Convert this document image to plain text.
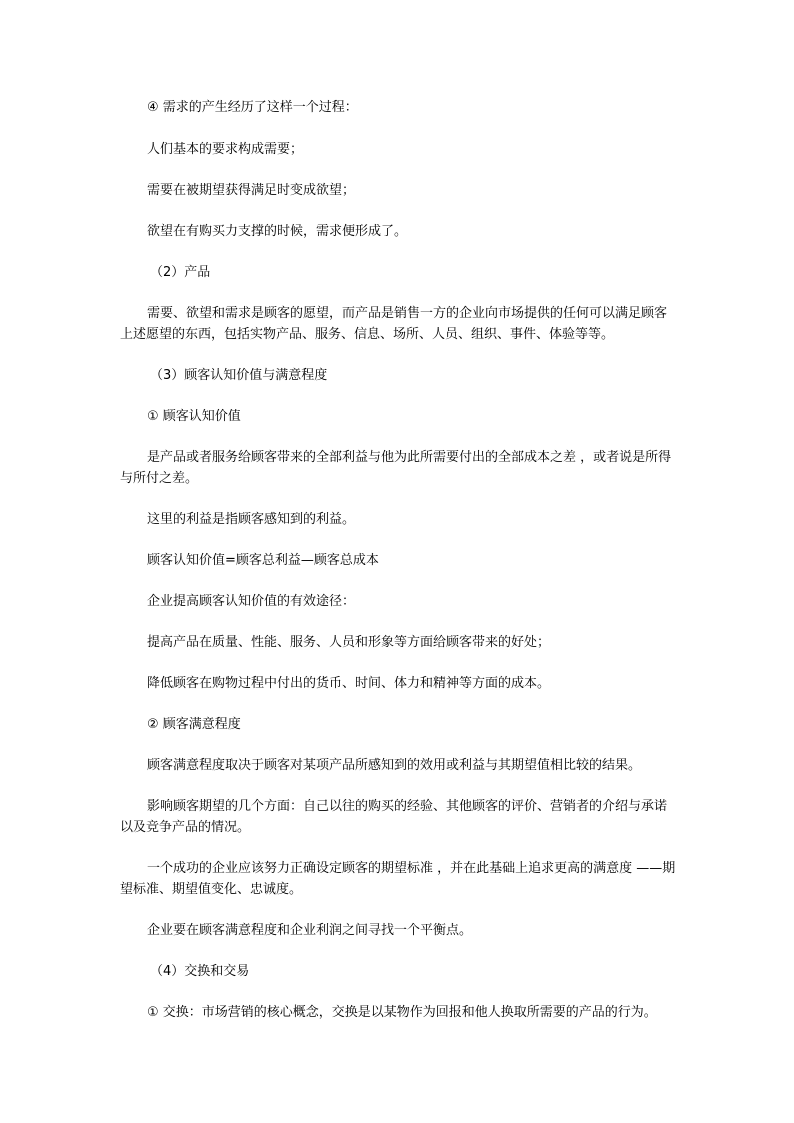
④ 需求的产生经历了这样一个过程：
人们基本的要求构成需要；
需要在被期望获得满足时变成欲望；
欲望在有购买力支撑的时候，需求便形成了。
（2）产品
需要、欲望和需求是顾客的愿望，而产品是销售一方的企业向市场提供的任何可以满足顾客
上述愿望的东西，包括实物产品、服务、信息、场所、人员、组织、事件、体验等等。
（3）顾客认知价值与满意程度
① 顾客认知价值
是产品或者服务给顾客带来的全部利益与他为此所需要付出的全部成本之差 ，或者说是所得
与所付之差。
这里的利益是指顾客感知到的利益。
顾客认知价值=顾客总利益—顾客总成本
企业提高顾客认知价值的有效途径：
提高产品在质量、性能、服务、人员和形象等方面给顾客带来的好处；
降低顾客在购物过程中付出的货币、时间、体力和精神等方面的成本。
② 顾客满意程度
顾客满意程度取决于顾客对某项产品所感知到的效用或利益与其期望值相比较的结果。
影响顾客期望的几个方面：自己以往的购买的经验、其他顾客的评价、营销者的介绍与承诺
以及竞争产品的情况。
一个成功的企业应该努力正确设定顾客的期望标准 ，并在此基础上追求更高的满意度 ——期
望标准、期望值变化、忠诚度。
企业要在顾客满意程度和企业利润之间寻找一个平衡点。
（4）交换和交易
① 交换：市场营销的核心概念，交换是以某物作为回报和他人换取所需要的产品的行为。
